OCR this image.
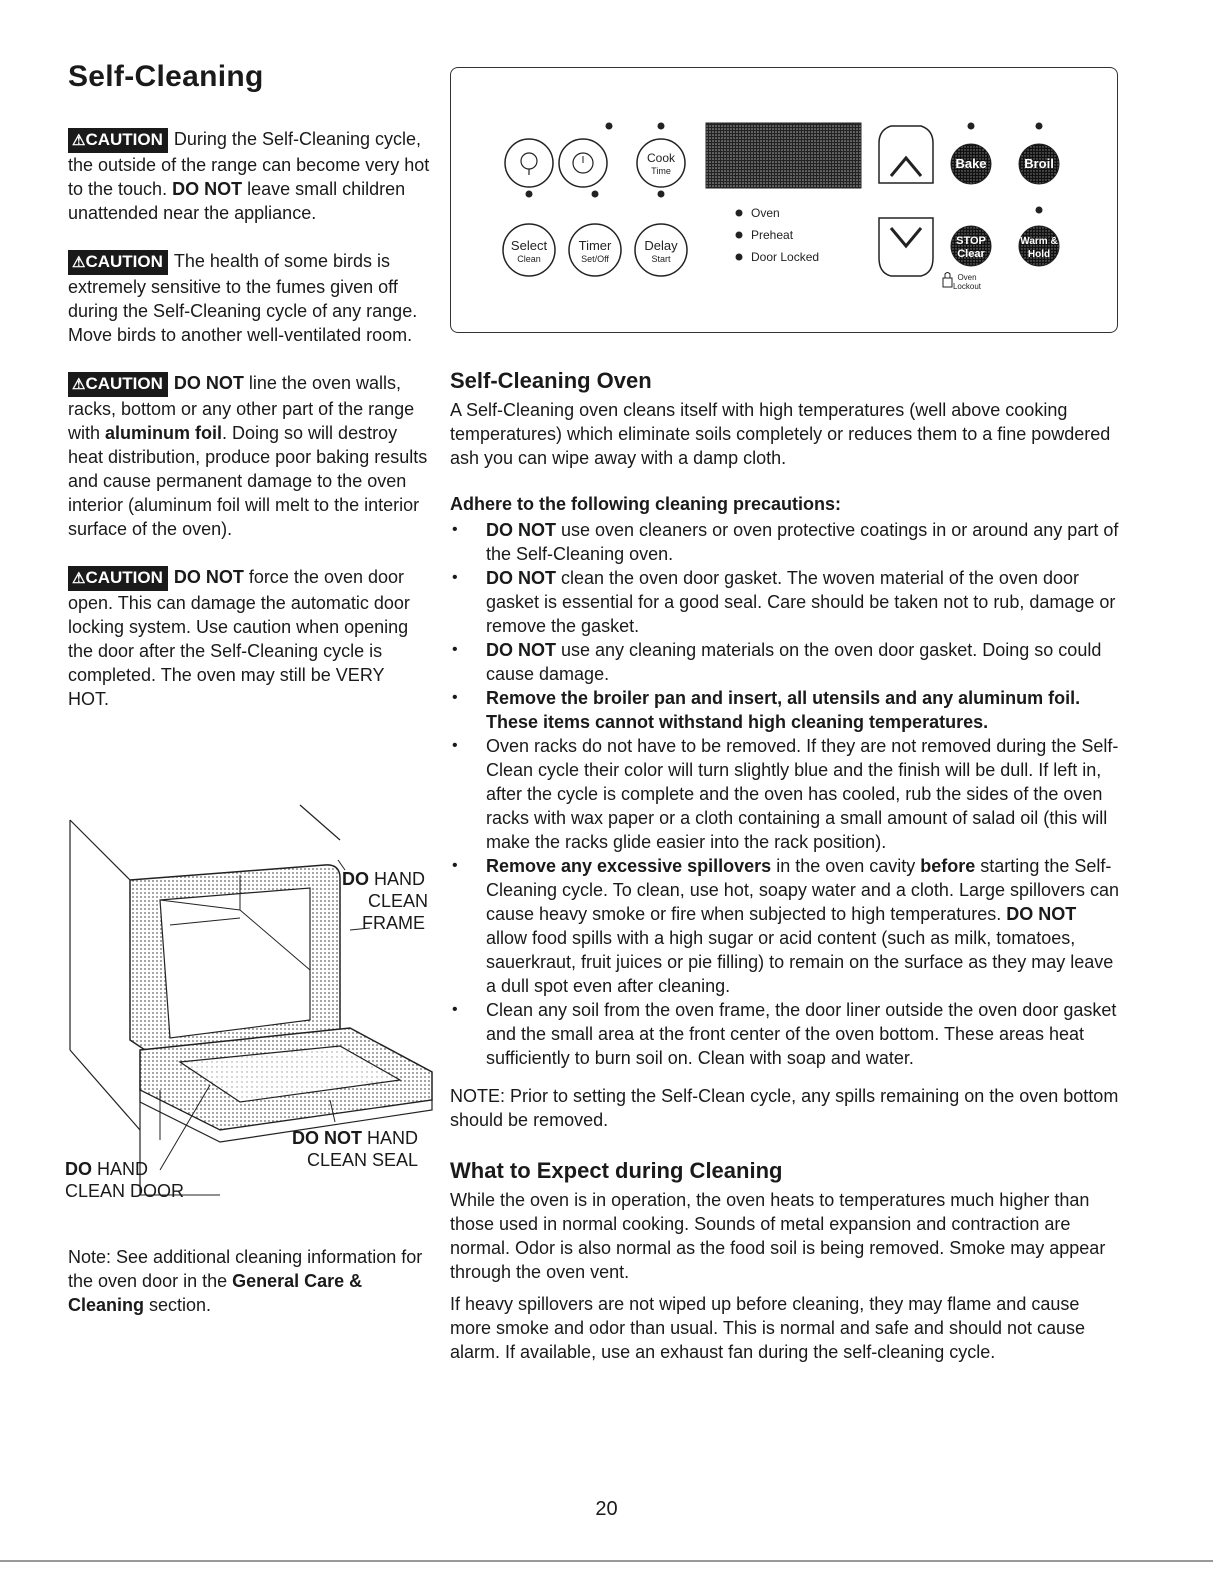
Self-Cleaning

⚠CAUTION During the Self-Cleaning cycle, the outside of the range can become very hot to the touch. DO NOT leave small children unattended near the appliance.

⚠CAUTION The health of some birds is extremely sensitive to the fumes given off during the Self-Cleaning cycle of any range. Move birds to another well-ventilated room.

⚠CAUTION DO NOT line the oven walls, racks, bottom or any other part of the range with aluminum foil. Doing so will destroy heat distribution, produce poor baking results and cause permanent damage to the oven interior (aluminum foil will melt to the interior surface of the oven).

⚠CAUTION DO NOT force the oven door open. This can damage the automatic door locking system. Use caution when opening the door after the Self-Cleaning cycle is completed. The oven may still be VERY HOT.

DO HAND
CLEAN
FRAME
DO NOT HAND
CLEAN SEAL
DO HAND
CLEAN DOOR

Note: See additional cleaning information for the oven door in the General Care & Cleaning section.

Cook
Time
Select
Clean
Timer
Set/Off
Delay
Start
Oven
Preheat
Door Locked
Bake	Broil
STOP
Clear
Warm &
Hold
Oven
Lockout
Self-Cleaning Oven

A Self-Cleaning oven cleans itself with high temperatures (well above cooking temperatures) which eliminate soils completely or reduces them to a fine powdered ash you can wipe away with a damp cloth.

Adhere to the following cleaning precautions:

• DO NOT use oven cleaners or oven protective coatings in or around any part of the Self-Cleaning oven.
• DO NOT clean the oven door gasket. The woven material of the oven door gasket is essential for a good seal. Care should be taken not to rub, damage or remove the gasket.
• DO NOT use any cleaning materials on the oven door gasket. Doing so could cause damage.
• Remove the broiler pan and insert, all utensils and any aluminum foil. These items cannot withstand high cleaning temperatures.
• Oven racks do not have to be removed. If they are not removed during the Self-Clean cycle their color will turn slightly blue and the finish will be dull. If left in, after the cycle is complete and the oven has cooled, rub the sides of the oven racks with wax paper or a cloth containing a small amount of salad oil (this will make the racks glide easier into the rack position).
• Remove any excessive spillovers in the oven cavity before starting the Self-Cleaning cycle. To clean, use hot, soapy water and a cloth. Large spillovers can cause heavy smoke or fire when subjected to high temperatures. DO NOT allow food spills with a high sugar or acid content (such as milk, tomatoes, sauerkraut, fruit juices or pie filling) to remain on the surface as they may leave a dull spot even after cleaning.
• Clean any soil from the oven frame, the door liner outside the oven door gasket and the small area at the front center of the oven bottom. These areas heat sufficiently to burn soil on. Clean with soap and water.

NOTE: Prior to setting the Self-Clean cycle, any spills remaining on the oven bottom should be removed.

What to Expect during Cleaning

While the oven is in operation, the oven heats to temperatures much higher than those used in normal cooking. Sounds of metal expansion and contraction are normal. Odor is also normal as the food soil is being removed. Smoke may appear through the oven vent.

If heavy spillovers are not wiped up before cleaning, they may flame and cause more smoke and odor than usual. This is normal and safe and should not cause alarm. If available, use an exhaust fan during the self-cleaning cycle.

20
